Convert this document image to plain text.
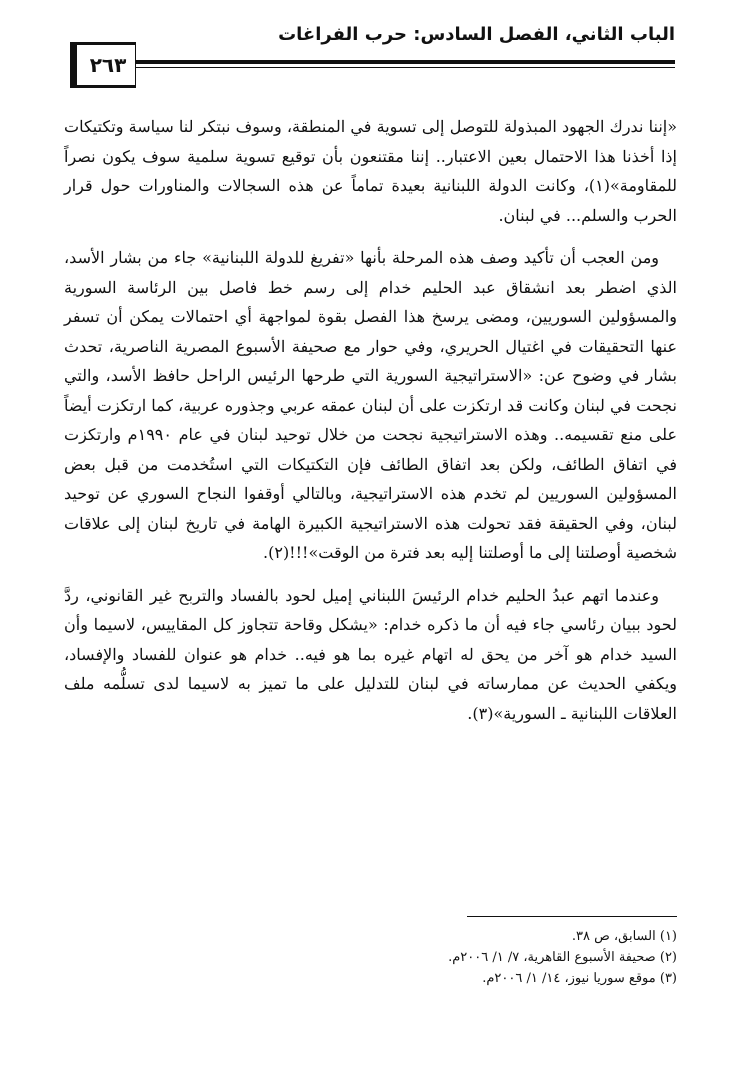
الباب الثاني، الفصل السادس: حرب الفراغات
٢٦٣

«إننا ندرك الجهود المبذولة للتوصل إلى تسوية في المنطقة، وسوف نبتكر لنا سياسة وتكتيكات إذا أخذنا هذا الاحتمال بعين الاعتبار.. إننا مقتنعون بأن توقيع تسوية سلمية سوف يكون نصراً للمقاومة»(١)، وكانت الدولة اللبنانية بعيدة تماماً عن هذه السجالات والمناورات حول قرار الحرب والسلم... في لبنان.

ومن العجب أن تأكيد وصف هذه المرحلة بأنها «تفريغ للدولة اللبنانية» جاء من بشار الأسد، الذي اضطر بعد انشقاق عبد الحليم خدام إلى رسم خط فاصل بين الرئاسة السورية والمسؤولين السوريين، ومضى يرسخ هذا الفصل بقوة لمواجهة أي احتمالات يمكن أن تسفر عنها التحقيقات في اغتيال الحريري، وفي حوار مع صحيفة الأسبوع المصرية الناصرية، تحدث بشار في وضوح عن: «الاستراتيجية السورية التي طرحها الرئيس الراحل حافظ الأسد، والتي نجحت في لبنان وكانت قد ارتكزت على أن لبنان عمقه عربي وجذوره عربية، كما ارتكزت أيضاً على منع تقسيمه.. وهذه الاستراتيجية نجحت من خلال توحيد لبنان في عام ١٩٩٠م وارتكزت في اتفاق الطائف، ولكن بعد اتفاق الطائف فإن التكتيكات التي استُخدمت من قبل بعض المسؤولين السوريين لم تخدم هذه الاستراتيجية، وبالتالي أوقفوا النجاح السوري عن توحيد لبنان، وفي الحقيقة فقد تحولت هذه الاستراتيجية الكبيرة الهامة في تاريخ لبنان إلى علاقات شخصية أوصلتنا إلى ما أوصلتنا إليه بعد فترة من الوقت»!!!(٢).

وعندما اتهم عبدُ الحليم خدام الرئيسَ اللبناني إميل لحود بالفساد والتربح غير القانوني، ردَّ لحود ببيان رئاسي جاء فيه أن ما ذكره خدام: «يشكل وقاحة تتجاوز كل المقاييس، لاسيما وأن السيد خدام هو آخر من يحق له اتهام غيره بما هو فيه.. خدام هو عنوان للفساد والإفساد، ويكفي الحديث عن ممارساته في لبنان للتدليل على ما تميز به لاسيما لدى تسلُّمه ملف العلاقات اللبنانية ـ السورية»(٣).

(١) السابق، ص ٣٨.
(٢) صحيفة الأسبوع القاهرية، ٧/ ١/ ٢٠٠٦م.
(٣) موقع سوريا نيوز، ١٤/ ١/ ٢٠٠٦م.
